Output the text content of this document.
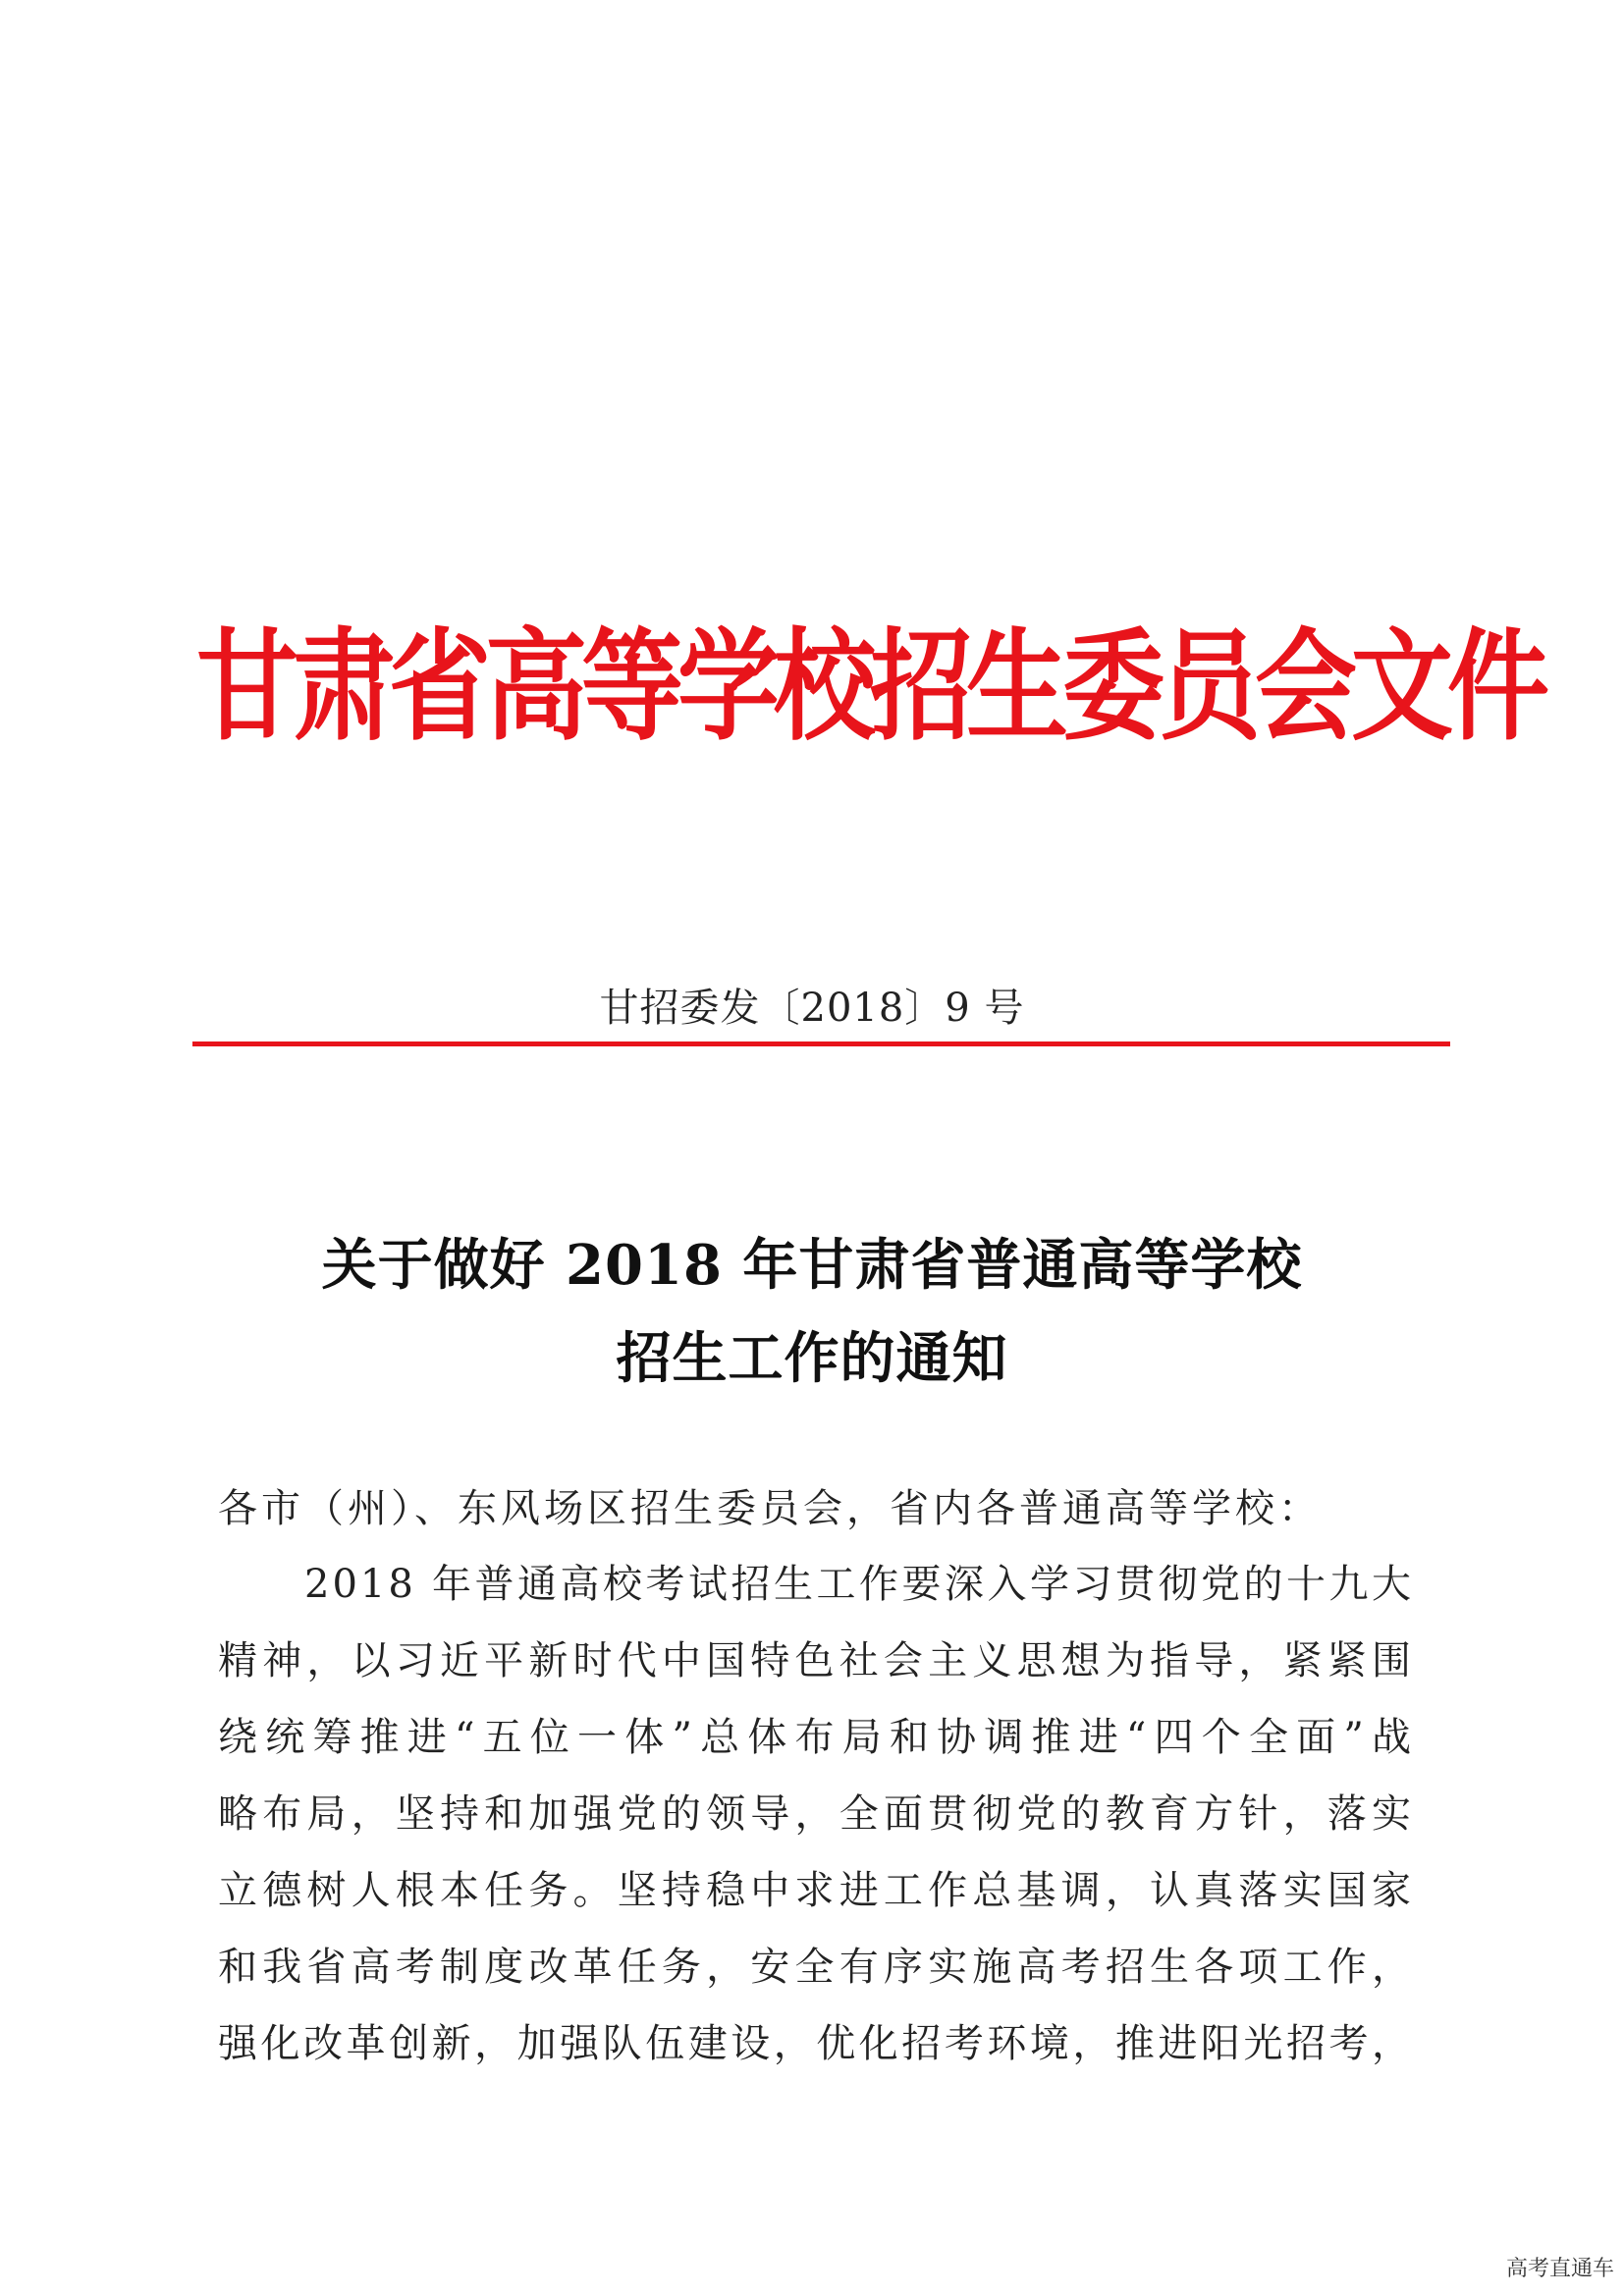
甘肃省高等学校招生委员会文件
甘招委发〔2018〕9 号
关于做好 2018 年甘肃省普通高等学校
招生工作的通知
各市（州）、东风场区招生委员会，省内各普通高等学校：
2018 年普通高校考试招生工作要深入学习贯彻党的十九大
精神，以习近平新时代中国特色社会主义思想为指导，紧紧围
绕统筹推进“五位一体”总体布局和协调推进“四个全面”战
略布局，坚持和加强党的领导，全面贯彻党的教育方针，落实
立德树人根本任务。坚持稳中求进工作总基调，认真落实国家
和我省高考制度改革任务，安全有序实施高考招生各项工作，
强化改革创新，加强队伍建设，优化招考环境，推进阳光招考，
高考直通车
